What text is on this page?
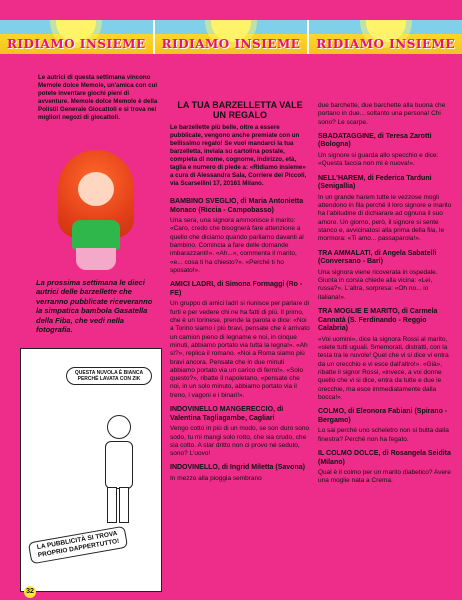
RIDIAMO INSIEME	RIDIAMO INSIEME	RIDIAMO INSIEME
Le autrici di questa settimana vincono Memole dolce Memole, un'amica con cui potete inventare giochi pieni di avventure. Memole dolce Memole è della Polistil Generale Giocattoli e si trova nei migliori negozi di giocattoli.
La prossima settimana le dieci autrici delle barzellette che verranno pubblicate riceveranno la simpatica bambola Gasatella della Fiba, che vedi nella fotografia.
QUESTA NUVOLA È BIANCA PERCHÉ LAVATA CON ZIK
LA PUBBLICITÀ SI TROVA PROPRIO DAPPERTUTTO!
32
LA TUA BARZELLETTA VALE UN REGALO
Le barzellette più belle, oltre a essere pubblicate, vengono anche premiate con un bellissimo regalo! Se vuoi mandarci la tua barzelletta, inviala su cartolina postale, completa di nome, cognome, indirizzo, età, taglia e numero di piede a: «Ridiamo insieme» a cura di Alessandra Sala, Corriere dei Piccoli, via Scarsellini 17, 20161 Milano.
BAMBINO SVEGLIO, di Maria Antonietta Monaco (Riccia - Campobasso)
Una sera, una signora ammonisce il marito: «Caro, credo che bisognerà fare attenzione a quello che diciamo quando parliamo davanti al bambino. Comincia a fare delle domande imbarazzanti!». «Ah...», commenta il marito, «e... cosa ti ha chiesto?». «Perché ti ho sposato!».
AMICI LADRI, di Simona Formaggi (Ro - FE)
Un gruppo di amici ladri si riunisce per parlare di furti e per vedere chi ne ha fatti di più. Il primo, che è un torinese, prende la parola e dice: «Noi a Torino siamo i più bravi, pensate che è arrivato un camion pieno di legname e noi, in cinque minuti, abbiamo portato via tutta la legna!». «Ah sì?», replica il romano. «Noi a Roma siamo più bravi ancora. Pensate che in due minuti abbiamo portato via un carico di ferro!». «Solo questo?», ribatte il napoletano, «pensate che noi, in un solo minuto, abbiamo portato via il treno, i vagoni e i binari!».
INDOVINELLO MANGERECCIO, di Valentina Tagliagambe, Cagliari
Vengo cotto in più di un modo, se son duro sono sodo, tu mi mangi solo rotto, che sia crudo, che sia cotto. A star dritto non ci provo né seduto, sono? L'uovo!
INDOVINELLO, di Ingrid Miletta (Savona)
In mezzo alla pioggia sembrano
due barchette, due barchette alla buona che portano in due... soltanto una persona! Chi sono? Le scarpe.
SBADATAGGINE, di Teresa Zarotti (Bologna)
Un signore si guarda allo specchio e dice: «Questa faccia non mi è nuova!».
NELL'HAREM, di Federica Tarduni (Senigallia)
In un grande harem tutte le vezzose mogli attendono in fila perché il loro signore e marito ha l'abitudine di dichiarare ad ognuna il suo amore. Un giorno, però, il signore si sente stanco e, avvicinatosi alla prima della fila, le mormora: «Ti amo... passaparola!».
TRA AMMALATI, di Angela Sabatelli (Conversano - Bari)
Una signora viene ricoverata in ospedale. Giunta in corsia chiede alla vicina: «Lei, russa?». L'altra, sorpresa: «Oh no... io italiana!».
TRA MOGLIE E MARITO, di Carmela Cannatà (S. Ferdinando - Reggio Calabria)
«Voi uomini», dice la signora Rossi al marito, «siete tutti uguali. Smemorati, distratti, con la testa tra le nuvole! Quel che vi si dice vi entra da un orecchio e vi esce dall'altro!». «Già», ribatte il signor Rossi, «invece, a voi donne quello che vi si dice, entra da tutte e due le orecchie, ma esce immediatamente dalla bocca!».
COLMO, di Eleonora Fabiani (Spirano - Bergamo)
Lo sai perché uno scheletro non si butta dalla finestra? Perché non ha fegato.
IL COLMO DOLCE, di Rosangela Seidita (Milano)
Qual è il colmo per un marito diabetico? Avere una moglie nata a Crema.
